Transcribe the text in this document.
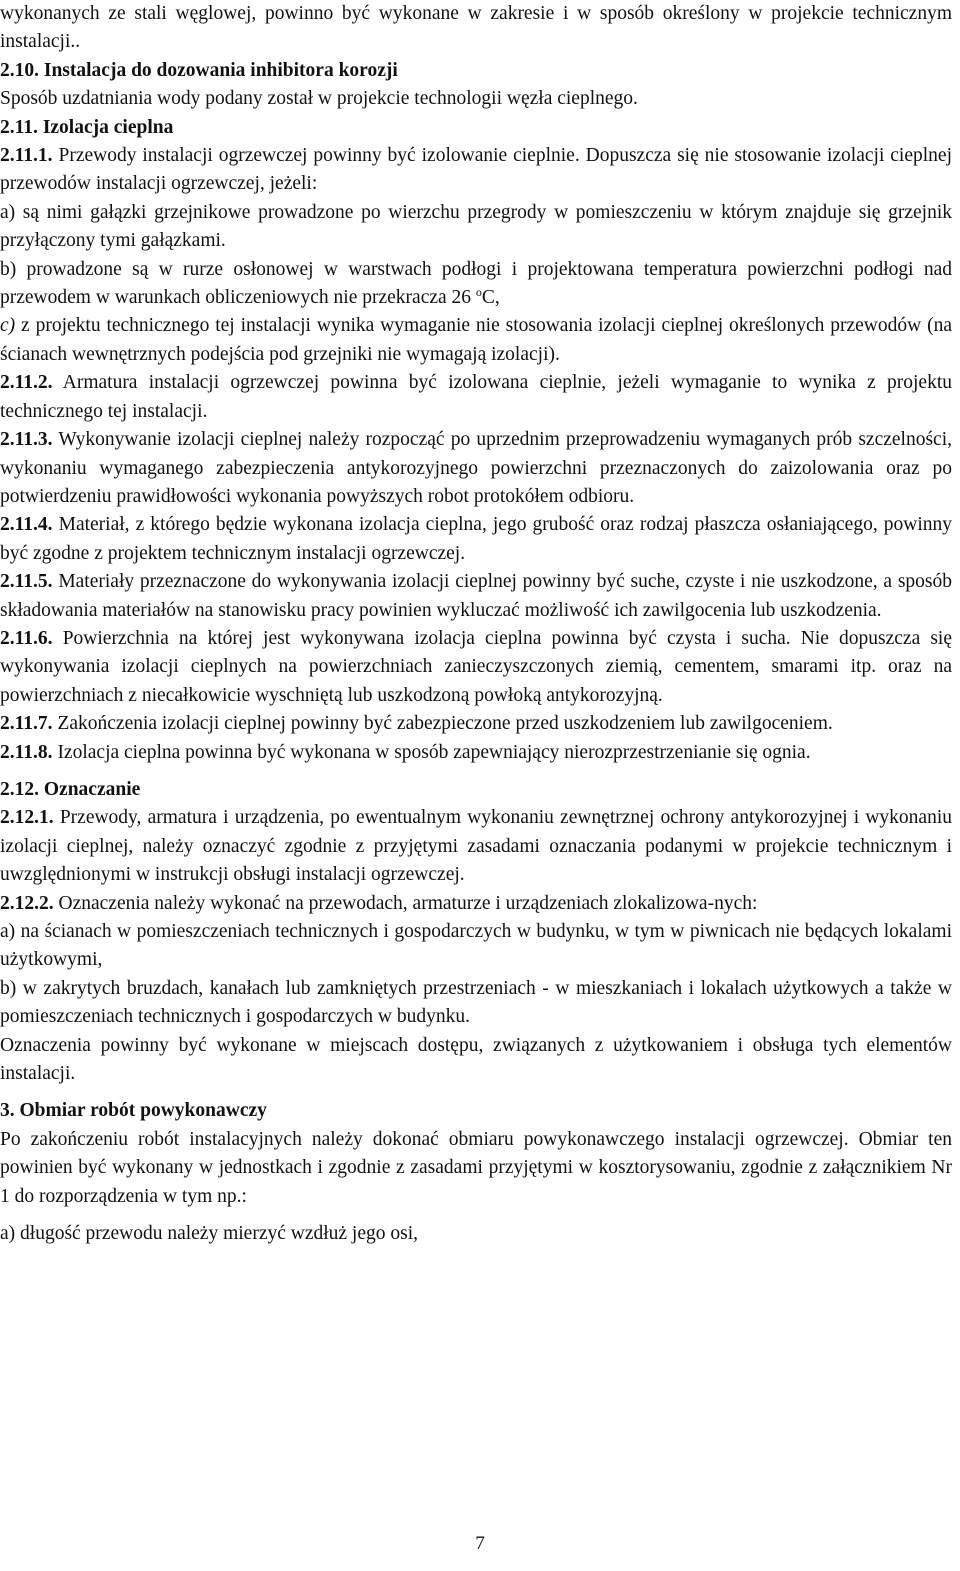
wykonanych ze stali węglowej, powinno być wykonane w zakresie i w sposób określony w projekcie technicznym instalacji..
2.10. Instalacja do dozowania inhibitora korozji
Sposób uzdatniania wody podany został w projekcie technologii węzła cieplnego.
2.11. Izolacja cieplna
2.11.1. Przewody instalacji ogrzewczej powinny być izolowanie cieplnie. Dopuszcza się nie stosowanie izolacji cieplnej przewodów instalacji ogrzewczej, jeżeli:
a) są nimi gałązki grzejnikowe prowadzone po wierzchu przegrody w pomieszczeniu w którym znajduje się grzejnik przyłączony tymi gałązkami.
b) prowadzone są w rurze osłonowej w warstwach podłogi i projektowana temperatura powierzchni podłogi nad przewodem w warunkach obliczeniowych nie przekracza 26 $^o$C,
c) z projektu technicznego tej instalacji wynika wymaganie nie stosowania izolacji cieplnej określonych przewodów (na ścianach wewnętrznych podejścia pod grzejniki nie wymagają izolacji).
2.11.2. Armatura instalacji ogrzewczej powinna być izolowana cieplnie, jeżeli wymaganie to wynika z projektu technicznego tej instalacji.
2.11.3. Wykonywanie izolacji cieplnej należy rozpocząć po uprzednim przeprowadzeniu wymaganych prób szczelności, wykonaniu wymaganego zabezpieczenia antykorozyjnego powierzchni przeznaczonych do zaizolowania oraz po potwierdzeniu prawidłowości wykonania powyższych robot protokółem odbioru.
2.11.4. Materiał, z którego będzie wykonana izolacja cieplna, jego grubość oraz rodzaj płaszcza osłaniającego, powinny być zgodne z projektem technicznym instalacji ogrzewczej.
2.11.5. Materiały przeznaczone do wykonywania izolacji cieplnej powinny być suche, czyste i nie uszkodzone, a sposób składowania materiałów na stanowisku pracy powinien wykluczać możliwość ich zawilgocenia lub uszkodzenia.
2.11.6. Powierzchnia na której jest wykonywana izolacja cieplna powinna być czysta i sucha. Nie dopuszcza się wykonywania izolacji cieplnych na powierzchniach zanieczyszczonych ziemią, cementem, smarami itp. oraz na powierzchniach z niecałkowicie wyschniętą lub uszkodzoną powłoką antykorozyjną.
2.11.7. Zakończenia izolacji cieplnej powinny być zabezpieczone przed uszkodzeniem lub zawilgoceniem.
2.11.8. Izolacja cieplna powinna być wykonana w sposób zapewniający nierozprzestrzenianie się ognia.
2.12. Oznaczanie
2.12.1. Przewody, armatura i urządzenia, po ewentualnym wykonaniu zewnętrznej ochrony antykorozyjnej i wykonaniu izolacji cieplnej, należy oznaczyć zgodnie z przyjętymi zasadami oznaczania podanymi w projekcie technicznym i uwzględnionymi w instrukcji obsługi instalacji ogrzewczej.
2.12.2. Oznaczenia należy wykonać na przewodach, armaturze i urządzeniach zlokalizowa-nych:
a) na ścianach w pomieszczeniach technicznych i gospodarczych w budynku, w tym w piwnicach nie będących lokalami użytkowymi,
b) w zakrytych bruzdach, kanałach lub zamkniętych przestrzeniach - w mieszkaniach i lokalach użytkowych a także w pomieszczeniach technicznych i gospodarczych w budynku.
Oznaczenia powinny być wykonane w miejscach dostępu, związanych z użytkowaniem i obsługa tych elementów instalacji.
3. Obmiar robót powykonawczy
Po zakończeniu robót instalacyjnych należy dokonać obmiaru powykonawczego instalacji ogrzewczej. Obmiar ten powinien być wykonany w jednostkach i zgodnie z zasadami przyjętymi w kosztorysowaniu, zgodnie z załącznikiem Nr 1 do rozporządzenia w tym np.:
a) długość przewodu należy mierzyć wzdłuż jego osi,
7
